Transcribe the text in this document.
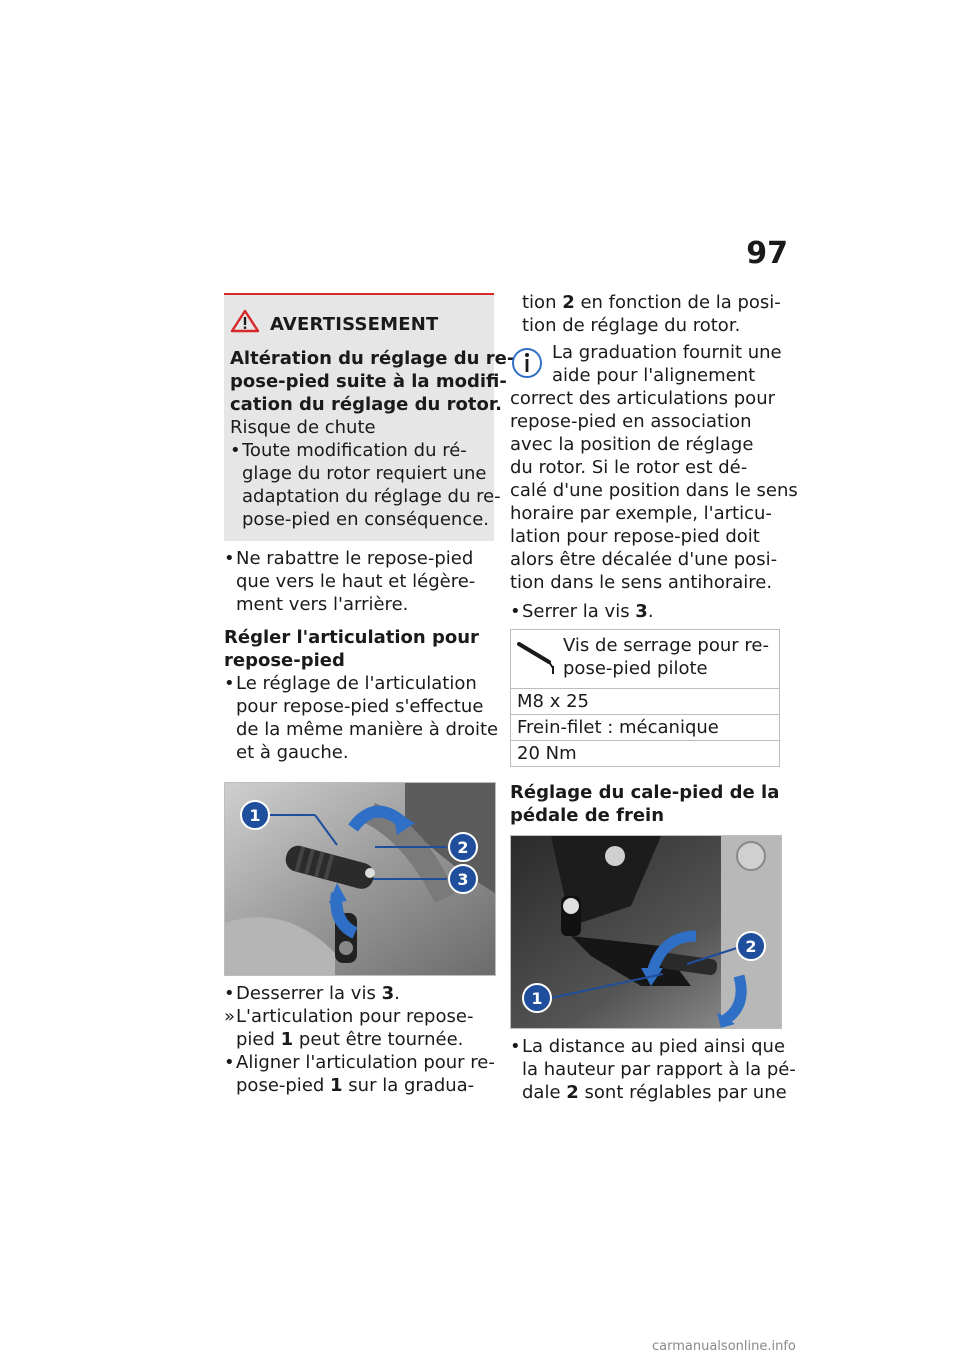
97
AVERTISSEMENT
Altération du réglage du re-
pose-pied suite à la modifi-
cation du réglage du rotor.
Risque de chute
• Toute modification du ré-
glage du rotor requiert une
adaptation du réglage du re-
pose-pied en conséquence.
• Ne rabattre le repose-pied
que vers le haut et légère-
ment vers l'arrière.
Régler l'articulation pour
repose-pied
• Le réglage de l'articulation
pour repose-pied s'effectue
de la même manière à droite
et à gauche.
1
2
3
• Desserrer la vis 3.
» L'articulation pour repose-
pied 1 peut être tournée.
• Aligner l'articulation pour re-
pose-pied 1 sur la gradua-
tion 2 en fonction de la posi-
tion de réglage du rotor.
La graduation fournit une
aide pour l'alignement
correct des articulations pour
repose-pied en association
avec la position de réglage
du rotor. Si le rotor est dé-
calé d'une position dans le sens
horaire par exemple, l'articu-
lation pour repose-pied doit
alors être décalée d'une posi-
tion dans le sens antihoraire.
• Serrer la vis 3.
Vis de serrage pour re-
pose-pied pilote
M8 x 25
Frein-filet : mécanique
20 Nm
Réglage du cale-pied de la
pédale de frein
1
2
• La distance au pied ainsi que
la hauteur par rapport à la pé-
dale 2 sont réglables par une
carmanualsonline.info
